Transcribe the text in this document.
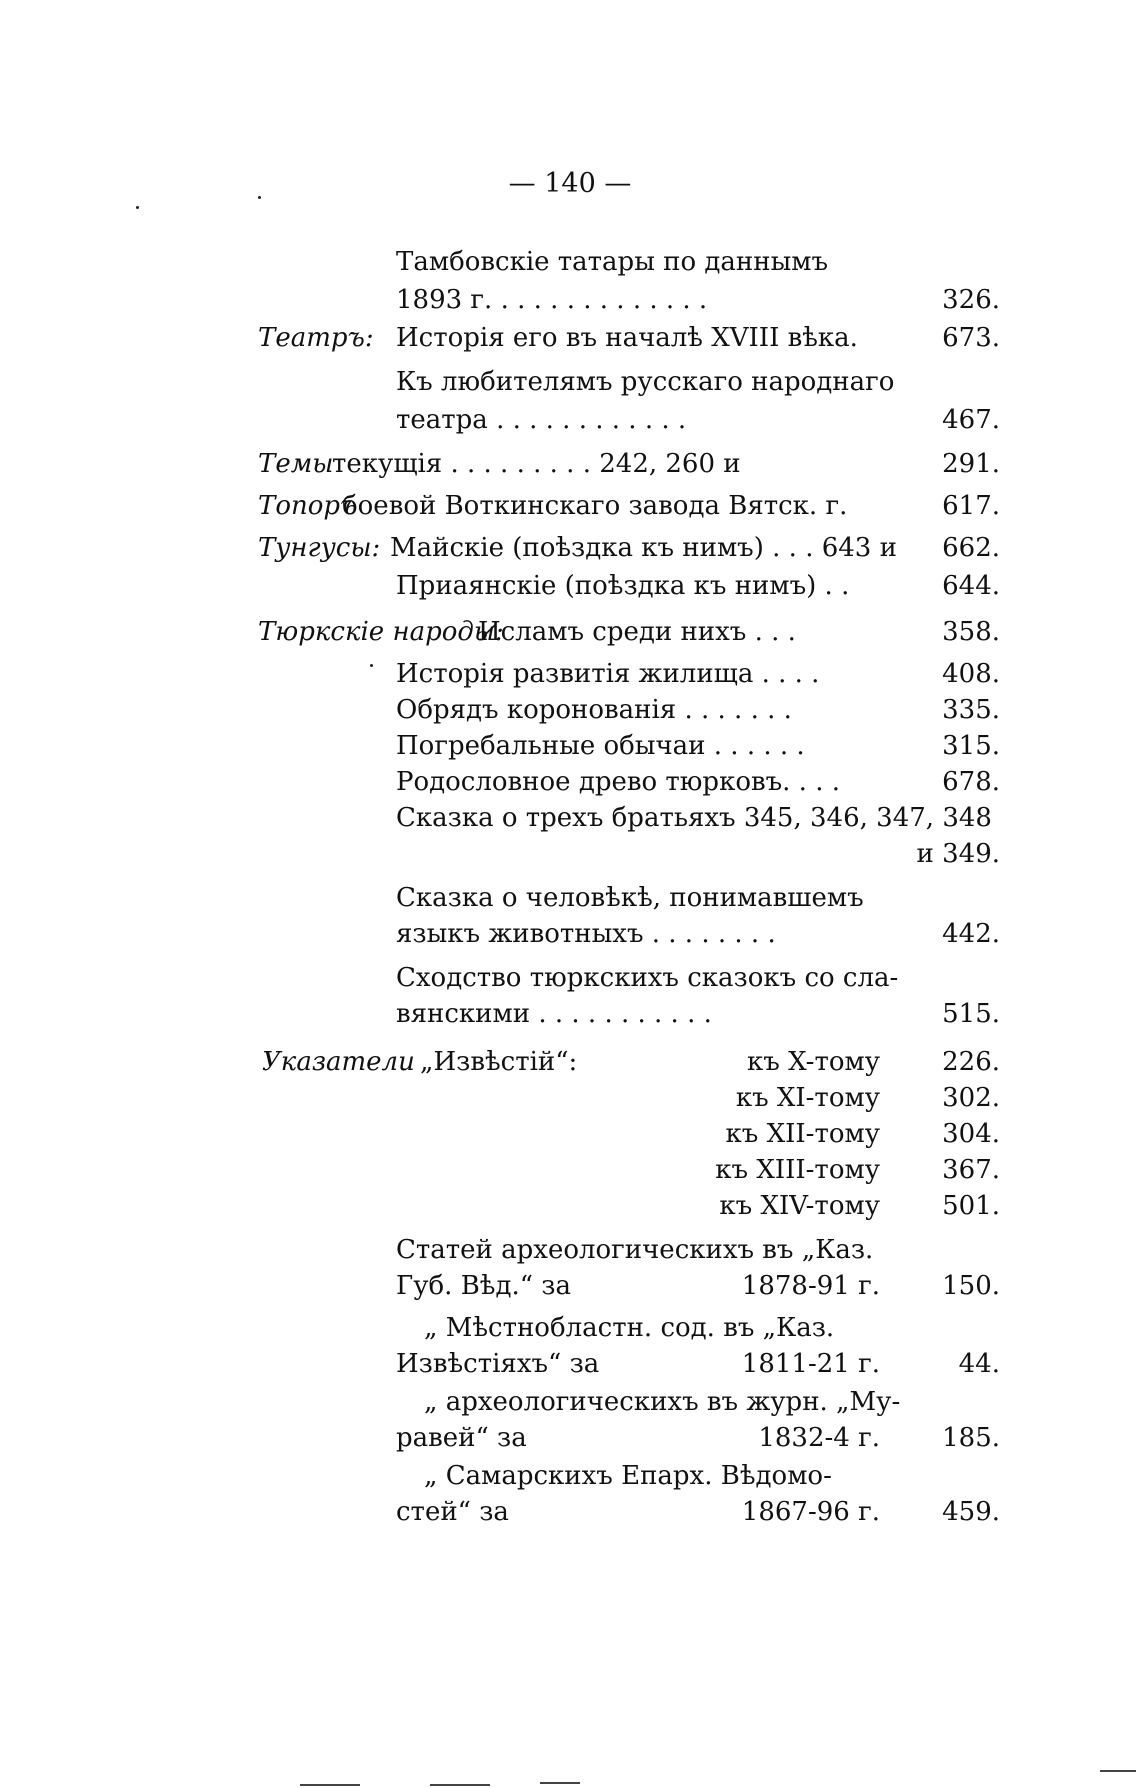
— 140 —
Тамбовскіе татары по даннымъ
1893 г. . . . . . . . . . . . . .	326.
Театръ: Исторія его въ началѣ XVIII вѣка.	673.
Къ любителямъ русскаго народнаго
театра . . . . . . . . . . . .	467.
Темы
текущія . . . . . . . . . 242, 260 и	291.
Топоръ
боевой Воткинскаго завода Вятск. г.	617.
Тунгусы: Майскіе (поѣздка къ нимъ) . . . 643 и 662.
Приаянскіе (поѣздка къ нимъ) . .	644.
Тюркскіе народы:
Исламъ среди нихъ . . .	358.
Исторія развитія жилища . . . .	408.
Обрядъ коронованія . . . . . . .	335.
Погребальные обычаи . . . . . .	315.
Родословное древо тюрковъ. . . .	678.
Сказка о трехъ братьяхъ 345, 346, 347, 348
и 349.
Сказка о человѣкѣ, понимавшемъ
языкъ животныхъ . . . . . . . .	442.
Сходство тюркскихъ сказокъ со сла-
вянскими . . . . . . . . . . .	515.
Указатели „Извѣстій“:	къ X-тому 226.
къ XI-тому 302.
къ XII-тому 304.
къ XIII-тому 367.
къ XIV-тому 501.
Статей археологическихъ въ „Каз.
Губ. Вѣд.“ за	1878-91 г. 150.
„ Мѣстнобластн. сод. въ „Каз.
Извѣстіяхъ“ за	1811-21 г.	44.
„ археологическихъ въ журн. „Му-
равей“ за	1832-4 г. 185.
„ Самарскихъ Епарх. Вѣдомо-
стей“ за	1867-96 г. 459.
